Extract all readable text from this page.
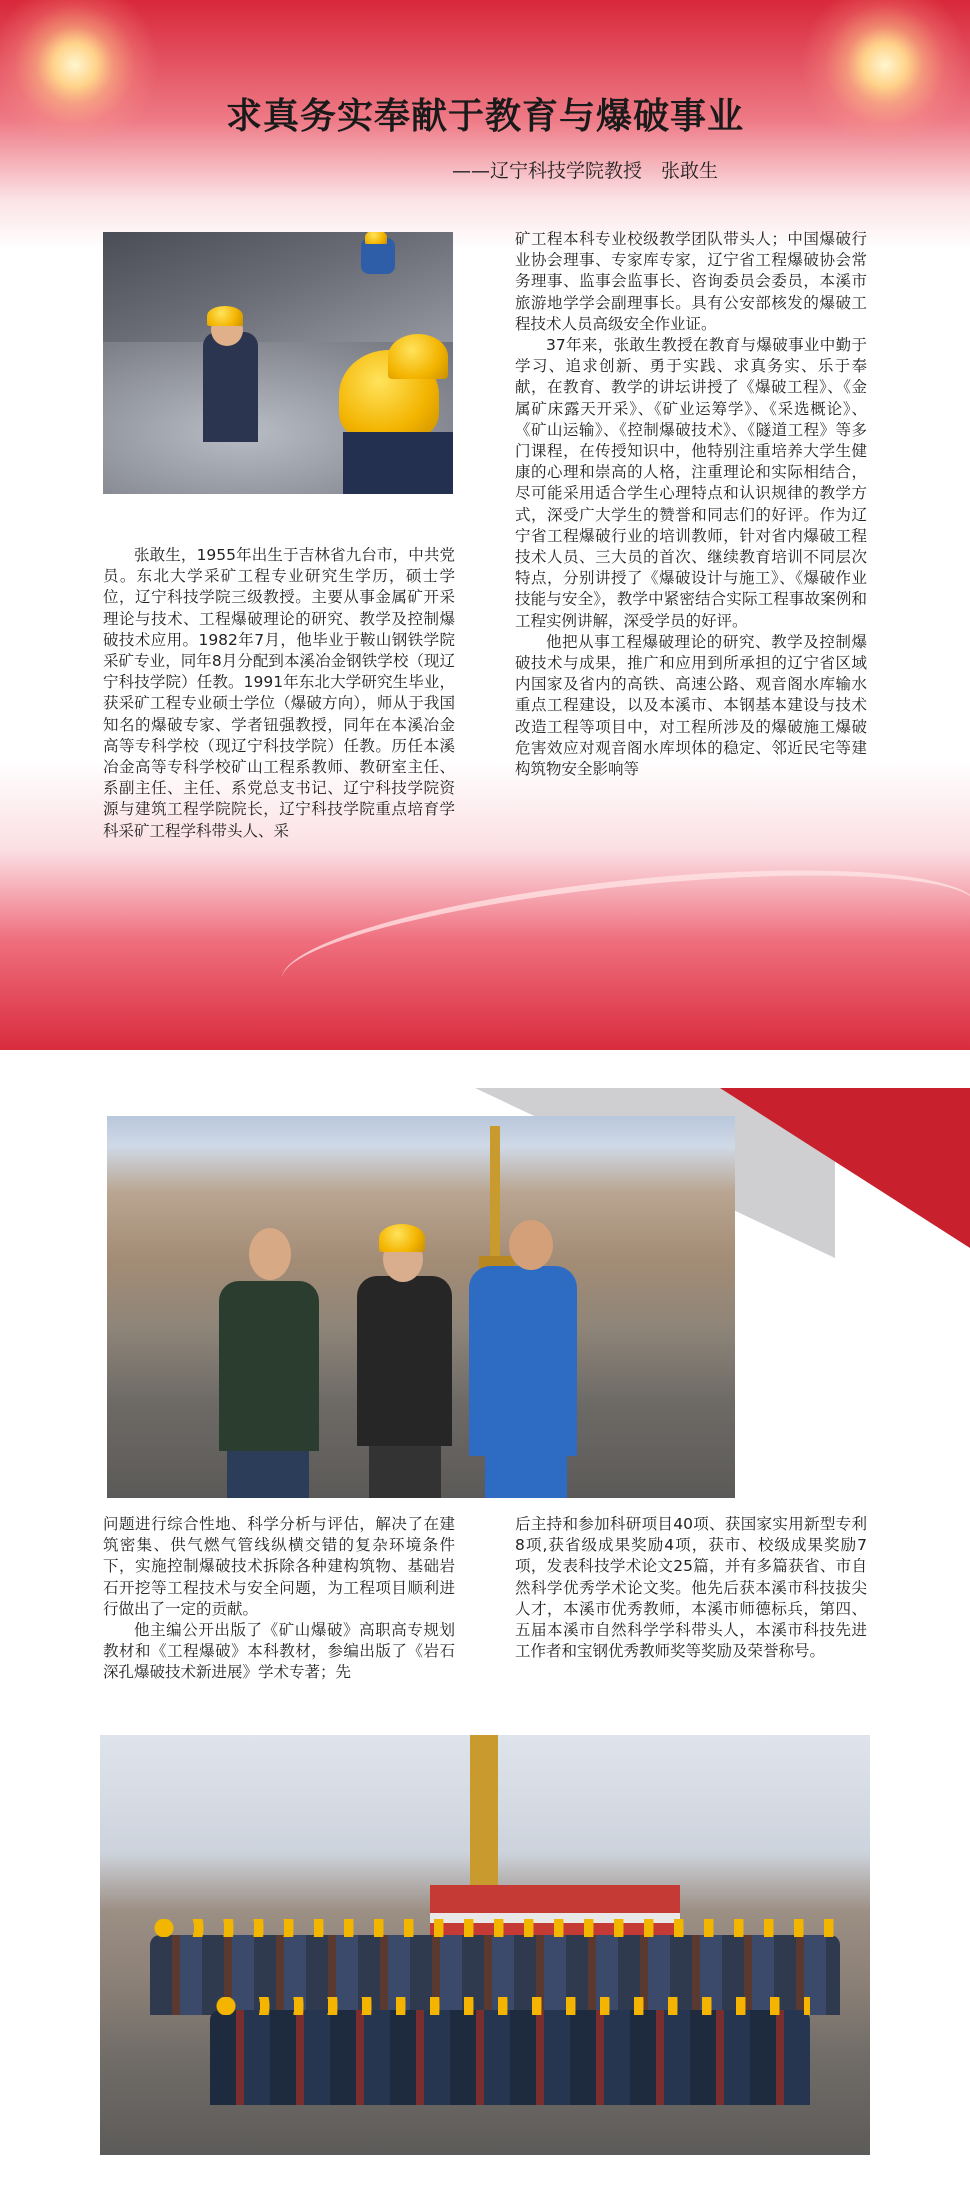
求真务实奉献于教育与爆破事业
——辽宁科技学院教授　张敢生

张敢生，1955年出生于吉林省九台市，中共党员。东北大学采矿工程专业研究生学历，硕士学位，辽宁科技学院三级教授。主要从事金属矿开采理论与技术、工程爆破理论的研究、教学及控制爆破技术应用。1982年7月，他毕业于鞍山钢铁学院采矿专业，同年8月分配到本溪冶金钢铁学校（现辽宁科技学院）任教。1991年东北大学研究生毕业，获采矿工程专业硕士学位（爆破方向），师从于我国知名的爆破专家、学者钮强教授，同年在本溪冶金高等专科学校（现辽宁科技学院）任教。历任本溪冶金高等专科学校矿山工程系教师、教研室主任、系副主任、主任、系党总支书记、辽宁科技学院资源与建筑工程学院院长，辽宁科技学院重点培育学科采矿工程学科带头人、采

矿工程本科专业校级教学团队带头人；中国爆破行业协会理事、专家库专家，辽宁省工程爆破协会常务理事、监事会监事长、咨询委员会委员，本溪市旅游地学学会副理事长。具有公安部核发的爆破工程技术人员高级安全作业证。

37年来，张敢生教授在教育与爆破事业中勤于学习、追求创新、勇于实践、求真务实、乐于奉献，在教育、教学的讲坛讲授了《爆破工程》、《金属矿床露天开采》、《矿业运筹学》、《采选概论》、《矿山运输》、《控制爆破技术》、《隧道工程》等多门课程，在传授知识中，他特别注重培养大学生健康的心理和崇高的人格，注重理论和实际相结合，尽可能采用适合学生心理特点和认识规律的教学方式，深受广大学生的赞誉和同志们的好评。作为辽宁省工程爆破行业的培训教师，针对省内爆破工程技术人员、三大员的首次、继续教育培训不同层次特点，分别讲授了《爆破设计与施工》、《爆破作业技能与安全》，教学中紧密结合实际工程事故案例和工程实例讲解，深受学员的好评。

他把从事工程爆破理论的研究、教学及控制爆破技术与成果，推广和应用到所承担的辽宁省区域内国家及省内的高铁、高速公路、观音阁水库输水重点工程建设，以及本溪市、本钢基本建设与技术改造工程等项目中，对工程所涉及的爆破施工爆破危害效应对观音阁水库坝体的稳定、邻近民宅等建构筑物安全影响等

问题进行综合性地、科学分析与评估，解决了在建筑密集、供气燃气管线纵横交错的复杂环境条件下，实施控制爆破技术拆除各种建构筑物、基础岩石开挖等工程技术与安全问题，为工程项目顺利进行做出了一定的贡献。

他主编公开出版了《矿山爆破》高职高专规划教材和《工程爆破》本科教材，参编出版了《岩石深孔爆破技术新进展》学术专著；先

后主持和参加科研项目40项、获国家实用新型专利8项,获省级成果奖励4项，获市、校级成果奖励7项，发表科技学术论文25篇，并有多篇获省、市自然科学优秀学术论文奖。他先后获本溪市科技拔尖人才，本溪市优秀教师，本溪市师德标兵，第四、五届本溪市自然科学学科带头人，本溪市科技先进工作者和宝钢优秀教师奖等奖励及荣誉称号。
